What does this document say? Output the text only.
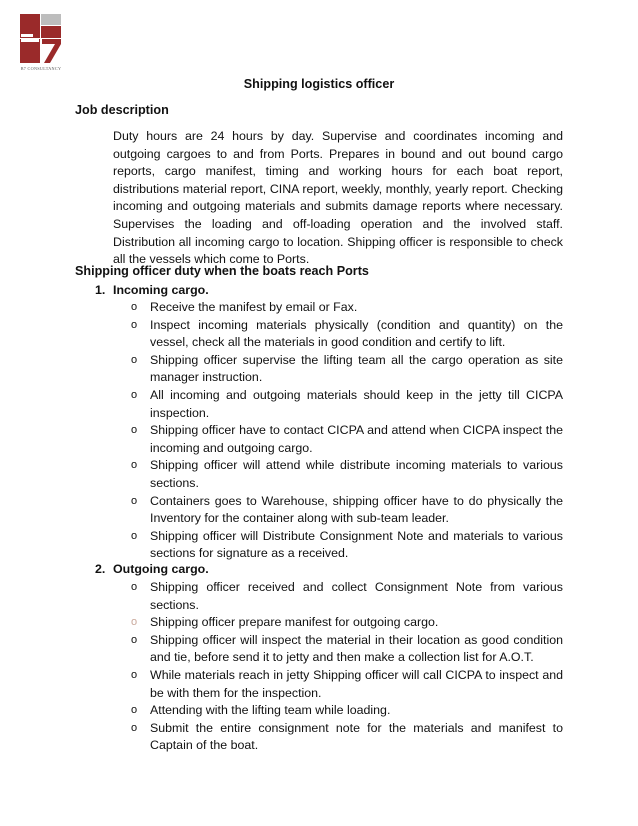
B7 CONSULTANCY
Shipping logistics officer
Job description

Duty hours are 24 hours by day. Supervise and coordinates incoming and outgoing cargoes to and from Ports. Prepares in bound and out bound cargo reports, cargo manifest, timing and working hours for each boat report, distributions material report, CINA report, weekly, monthly, yearly report. Checking incoming and outgoing materials and submits damage reports where necessary. Supervises the loading and off-loading operation and the involved staff. Distribution all incoming cargo to location. Shipping officer is responsible to check all the vessels which come to Ports.

Shipping officer duty when the boats reach Ports
1. Incoming cargo.
o Receive the manifest by email or Fax.
o Inspect incoming materials physically (condition and quantity) on the vessel, check all the materials in good condition and certify to lift.
o Shipping officer supervise the lifting team all the cargo operation as site manager instruction.
o All incoming and outgoing materials should keep in the jetty till CICPA inspection.
o Shipping officer have to contact CICPA and attend when CICPA inspect the incoming and outgoing cargo.
o Shipping officer will attend while distribute incoming materials to various sections.
o Containers goes to Warehouse, shipping officer have to do physically the Inventory for the container along with sub-team leader.
o Shipping officer will Distribute Consignment Note and materials to various sections for signature as a received.
2. Outgoing cargo.
o Shipping officer received and collect Consignment Note from various sections.
o Shipping officer prepare manifest for outgoing cargo.
o Shipping officer will inspect the material in their location as good condition and tie, before send it to jetty and then make a collection list for A.O.T.
o While materials reach in jetty Shipping officer will call CICPA to inspect and be with them for the inspection.
o Attending with the lifting team while loading.
o Submit the entire consignment note for the materials and manifest to Captain of the boat.
